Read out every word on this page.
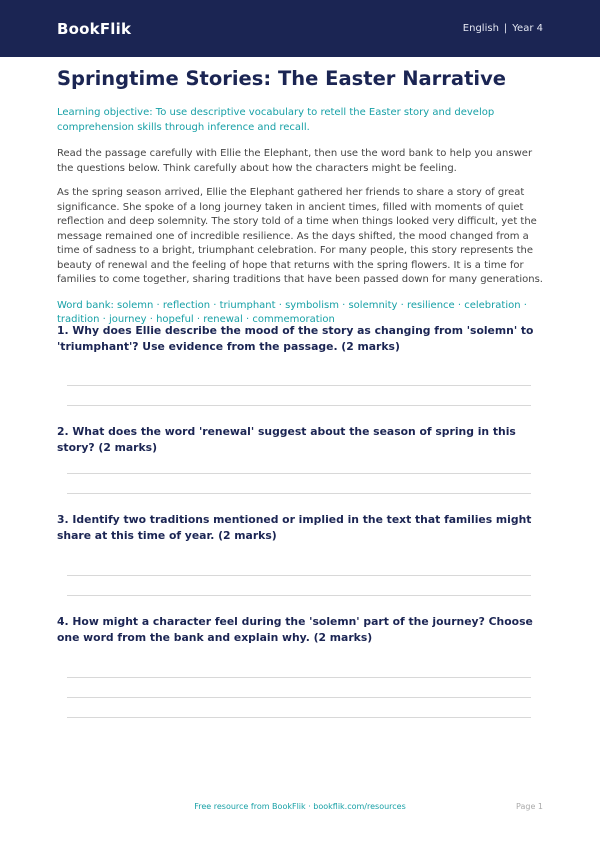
BookFlik	English | Year 4
Springtime Stories: The Easter Narrative

Learning objective: To use descriptive vocabulary to retell the Easter story and develop comprehension skills through inference and recall.

Read the passage carefully with Ellie the Elephant, then use the word bank to help you answer the questions below. Think carefully about how the characters might be feeling.

As the spring season arrived, Ellie the Elephant gathered her friends to share a story of great significance. She spoke of a long journey taken in ancient times, filled with moments of quiet reflection and deep solemnity. The story told of a time when things looked very difficult, yet the message remained one of incredible resilience. As the days shifted, the mood changed from a time of sadness to a bright, triumphant celebration. For many people, this story represents the beauty of renewal and the feeling of hope that returns with the spring flowers. It is a time for families to come together, sharing traditions that have been passed down for many generations.

Word bank: solemn · reflection · triumphant · symbolism · solemnity · resilience · celebration · tradition · journey · hopeful · renewal · commemoration

1. Why does Ellie describe the mood of the story as changing from 'solemn' to 'triumphant'? Use evidence from the passage. (2 marks)

2. What does the word 'renewal' suggest about the season of spring in this story? (2 marks)

3. Identify two traditions mentioned or implied in the text that families might share at this time of year. (2 marks)

4. How might a character feel during the 'solemn' part of the journey? Choose one word from the bank and explain why. (2 marks)

Free resource from BookFlik · bookflik.com/resources	Page 1
